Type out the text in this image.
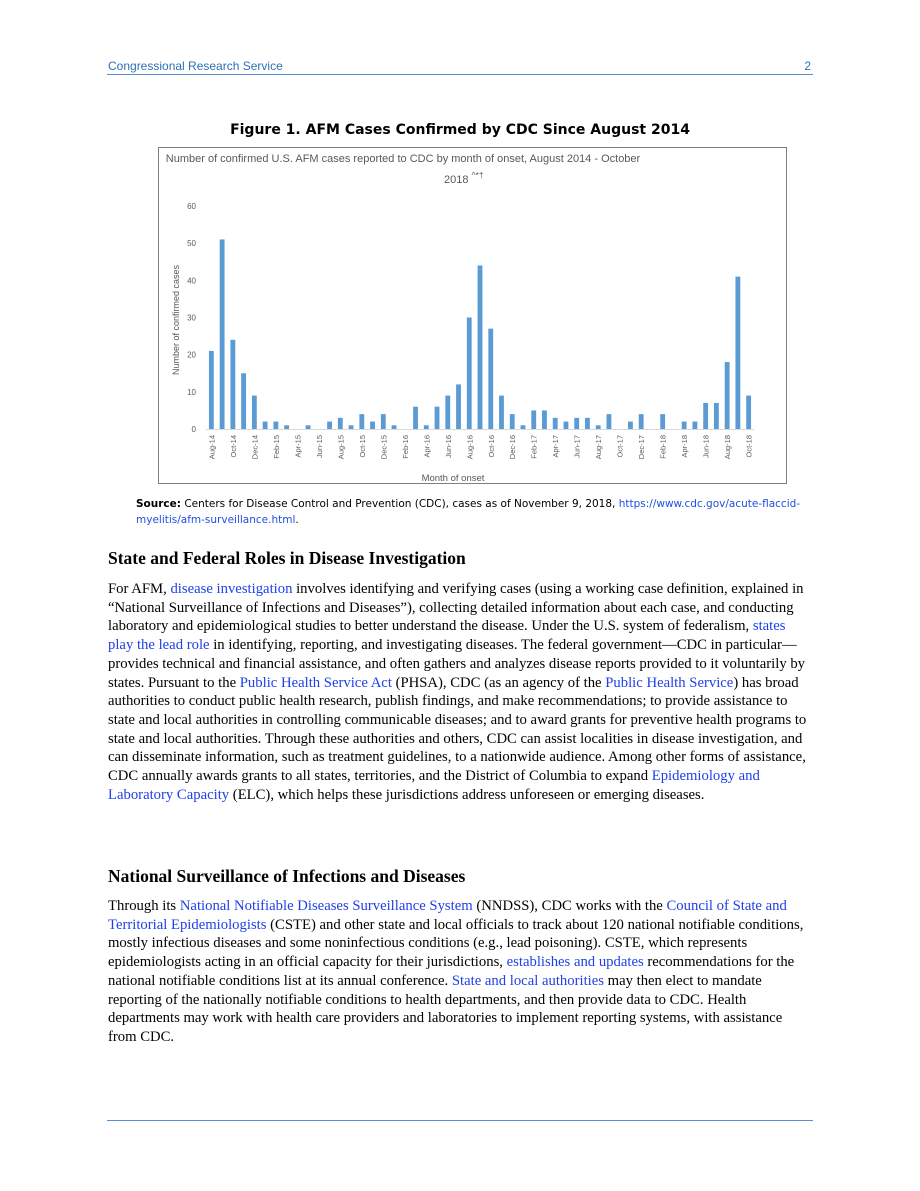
Congressional Research Service	2
Figure 1. AFM Cases Confirmed by CDC Since August 2014
Number of confirmed U.S. AFM cases reported to CDC by month of onset, August 2014 - October
2018 ^*†
0
10
20
30
40
50
60
Aug-14 Oct-14 Dec-14 Feb-15 Apr-15 Jun-15 Aug-15 Oct-15 Dec-15 Feb-16 Apr-16 Jun-16 Aug-16 Oct-16 Dec-16 Feb-17 Apr-17 Jun-17 Aug-17 Oct-17 Dec-17 Feb-18 Apr-18 Jun-18 Aug-18 Oct-18
Number of confirmed cases
Month of onset
Source: Centers for Disease Control and Prevention (CDC), cases as of November 9, 2018, https://www.cdc.gov/acute-flaccid-myelitis/afm-surveillance.html.
State and Federal Roles in Disease Investigation

For AFM, disease investigation involves identifying and verifying cases (using a working case definition, explained in “National Surveillance of Infections and Diseases”), collecting detailed information about each case, and conducting laboratory and epidemiological studies to better understand the disease. Under the U.S. system of federalism, states play the lead role in identifying, reporting, and investigating diseases. The federal government—CDC in particular—provides technical and financial assistance, and often gathers and analyzes disease reports provided to it voluntarily by states. Pursuant to the Public Health Service Act (PHSA), CDC (as an agency of the Public Health Service) has broad authorities to conduct public health research, publish findings, and make recommendations; to provide assistance to state and local authorities in controlling communicable diseases; and to award grants for preventive health programs to state and local authorities. Through these authorities and others, CDC can assist localities in disease investigation, and can disseminate information, such as treatment guidelines, to a nationwide audience. Among other forms of assistance, CDC annually awards grants to all states, territories, and the District of Columbia to expand Epidemiology and Laboratory Capacity (ELC), which helps these jurisdictions address unforeseen or emerging diseases.

National Surveillance of Infections and Diseases

Through its National Notifiable Diseases Surveillance System (NNDSS), CDC works with the Council of State and Territorial Epidemiologists (CSTE) and other state and local officials to track about 120 national notifiable conditions, mostly infectious diseases and some noninfectious conditions (e.g., lead poisoning). CSTE, which represents epidemiologists acting in an official capacity for their jurisdictions, establishes and updates recommendations for the national notifiable conditions list at its annual conference. State and local authorities may then elect to mandate reporting of the nationally notifiable conditions to health departments, and then provide data to CDC. Health departments may work with health care providers and laboratories to implement reporting systems, with assistance from CDC.
